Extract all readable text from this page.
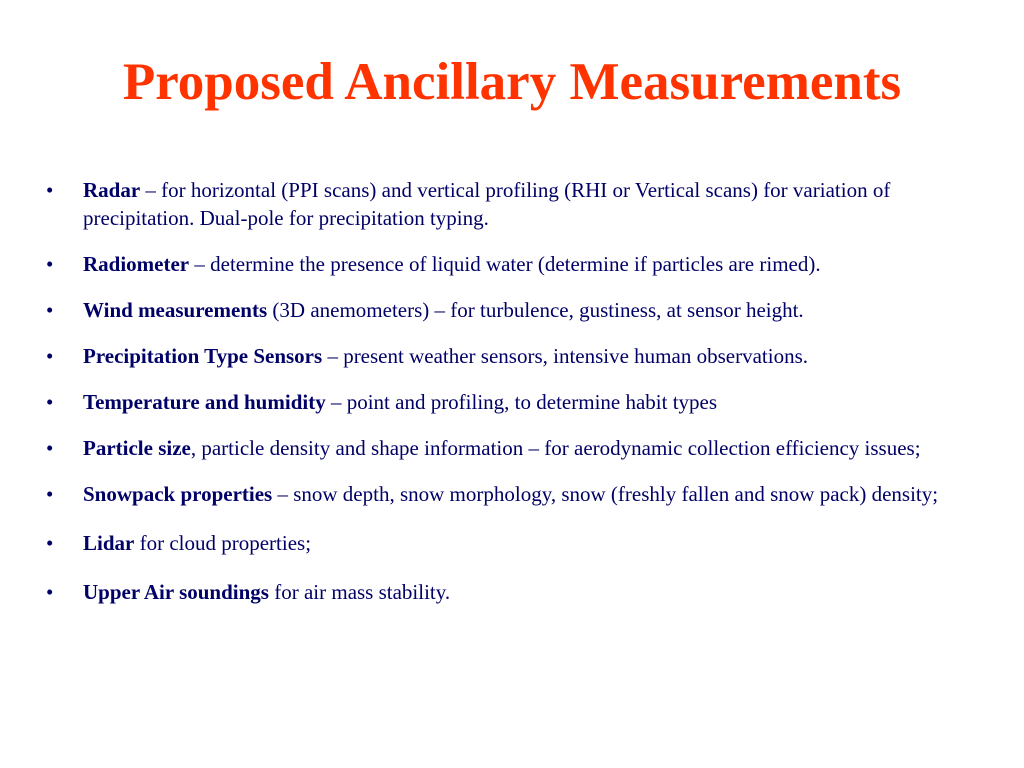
Proposed Ancillary Measurements
• Radar – for horizontal (PPI scans) and vertical profiling (RHI or Vertical scans) for variation of precipitation. Dual-pole for precipitation typing.
• Radiometer – determine the presence of liquid water (determine if particles are rimed).
• Wind measurements (3D anemometers) – for turbulence, gustiness, at sensor height.
• Precipitation Type Sensors – present weather sensors, intensive human observations.
• Temperature and humidity – point and profiling, to determine habit types
• Particle size, particle density and shape information – for aerodynamic collection efficiency issues;
• Snowpack properties – snow depth, snow morphology, snow (freshly fallen and snow pack) density;
• Lidar for cloud properties;
• Upper Air soundings for air mass stability.
